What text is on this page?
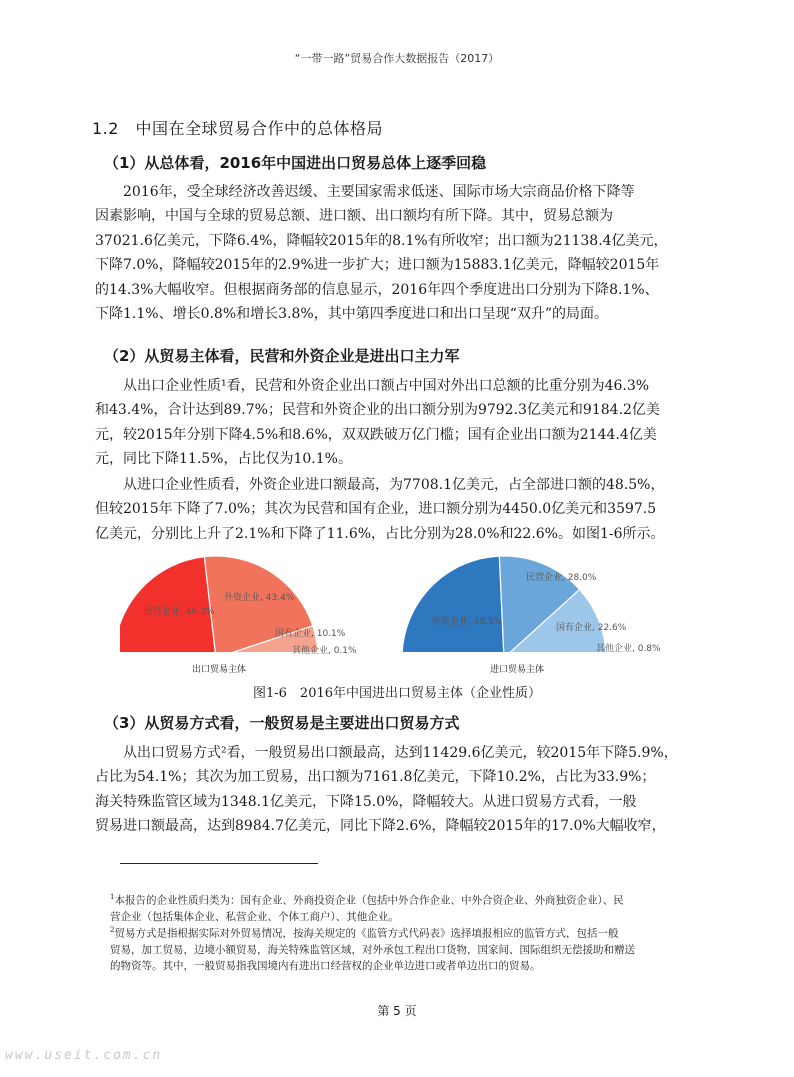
“一带一路”贸易合作大数据报告（2017）
1.2　中国在全球贸易合作中的总体格局
（1）从总体看，2016年中国进出口贸易总体上逐季回稳
2016年，受全球经济改善迟缓、主要国家需求低迷、国际市场大宗商品价格下降等
因素影响，中国与全球的贸易总额、进口额、出口额均有所下降。其中，贸易总额为
37021.6亿美元，下降6.4%，降幅较2015年的8.1%有所收窄；出口额为21138.4亿美元，
下降7.0%，降幅较2015年的2.9%进一步扩大；进口额为15883.1亿美元，降幅较2015年
的14.3%大幅收窄。但根据商务部的信息显示，2016年四个季度进出口分别为下降8.1%、
下降1.1%、增长0.8%和增长3.8%，其中第四季度进口和出口呈现“双升”的局面。
（2）从贸易主体看，民营和外资企业是进出口主力军
从出口企业性质¹看，民营和外资企业出口额占中国对外出口总额的比重分别为46.3%
和43.4%，合计达到89.7%；民营和外资企业的出口额分别为9792.3亿美元和9184.2亿美
元，较2015年分别下降4.5%和8.6%，双双跌破万亿门槛；国有企业出口额为2144.4亿美
元，同比下降11.5%，占比仅为10.1%。
从进口企业性质看，外资企业进口额最高，为7708.1亿美元，占全部进口额的48.5%，
但较2015年下降了7.0%；其次为民营和国有企业，进口额分别为4450.0亿美元和3597.5
亿美元，分别比上升了2.1%和下降了11.6%，占比分别为28.0%和22.6%。如图1-6所示。
民营企业, 46.3%
外资企业, 43.4%
国有企业, 10.1%
其他企业, 0.1%
外资企业, 48.5%
民营企业, 28.0%
国有企业, 22.6%
其他企业, 0.8%
出口贸易主体	进口贸易主体
图1-6　2016年中国进出口贸易主体（企业性质）
（3）从贸易方式看，一般贸易是主要进出口贸易方式
从出口贸易方式²看，一般贸易出口额最高，达到11429.6亿美元，较2015年下降5.9%，
占比为54.1%；其次为加工贸易，出口额为7161.8亿美元，下降10.2%，占比为33.9%；
海关特殊监管区域为1348.1亿美元，下降15.0%，降幅较大。从进口贸易方式看，一般
贸易进口额最高，达到8984.7亿美元，同比下降2.6%，降幅较2015年的17.0%大幅收窄，
$^1$本报告的企业性质归类为：国有企业、外商投资企业（包括中外合作企业、中外合资企业、外商独资企业）、民
营企业（包括集体企业、私营企业、个体工商户）、其他企业。
$^2$贸易方式是指根据实际对外贸易情况，按海关规定的《监管方式代码表》选择填报相应的监管方式，包括一般
贸易，加工贸易，边境小额贸易，海关特殊监管区域，对外承包工程出口货物，国家间、国际组织无偿援助和赠送
的物资等。其中，一般贸易指我国境内有进出口经营权的企业单边进口或者单边出口的贸易。
第 5 页
www.useit.com.cn
